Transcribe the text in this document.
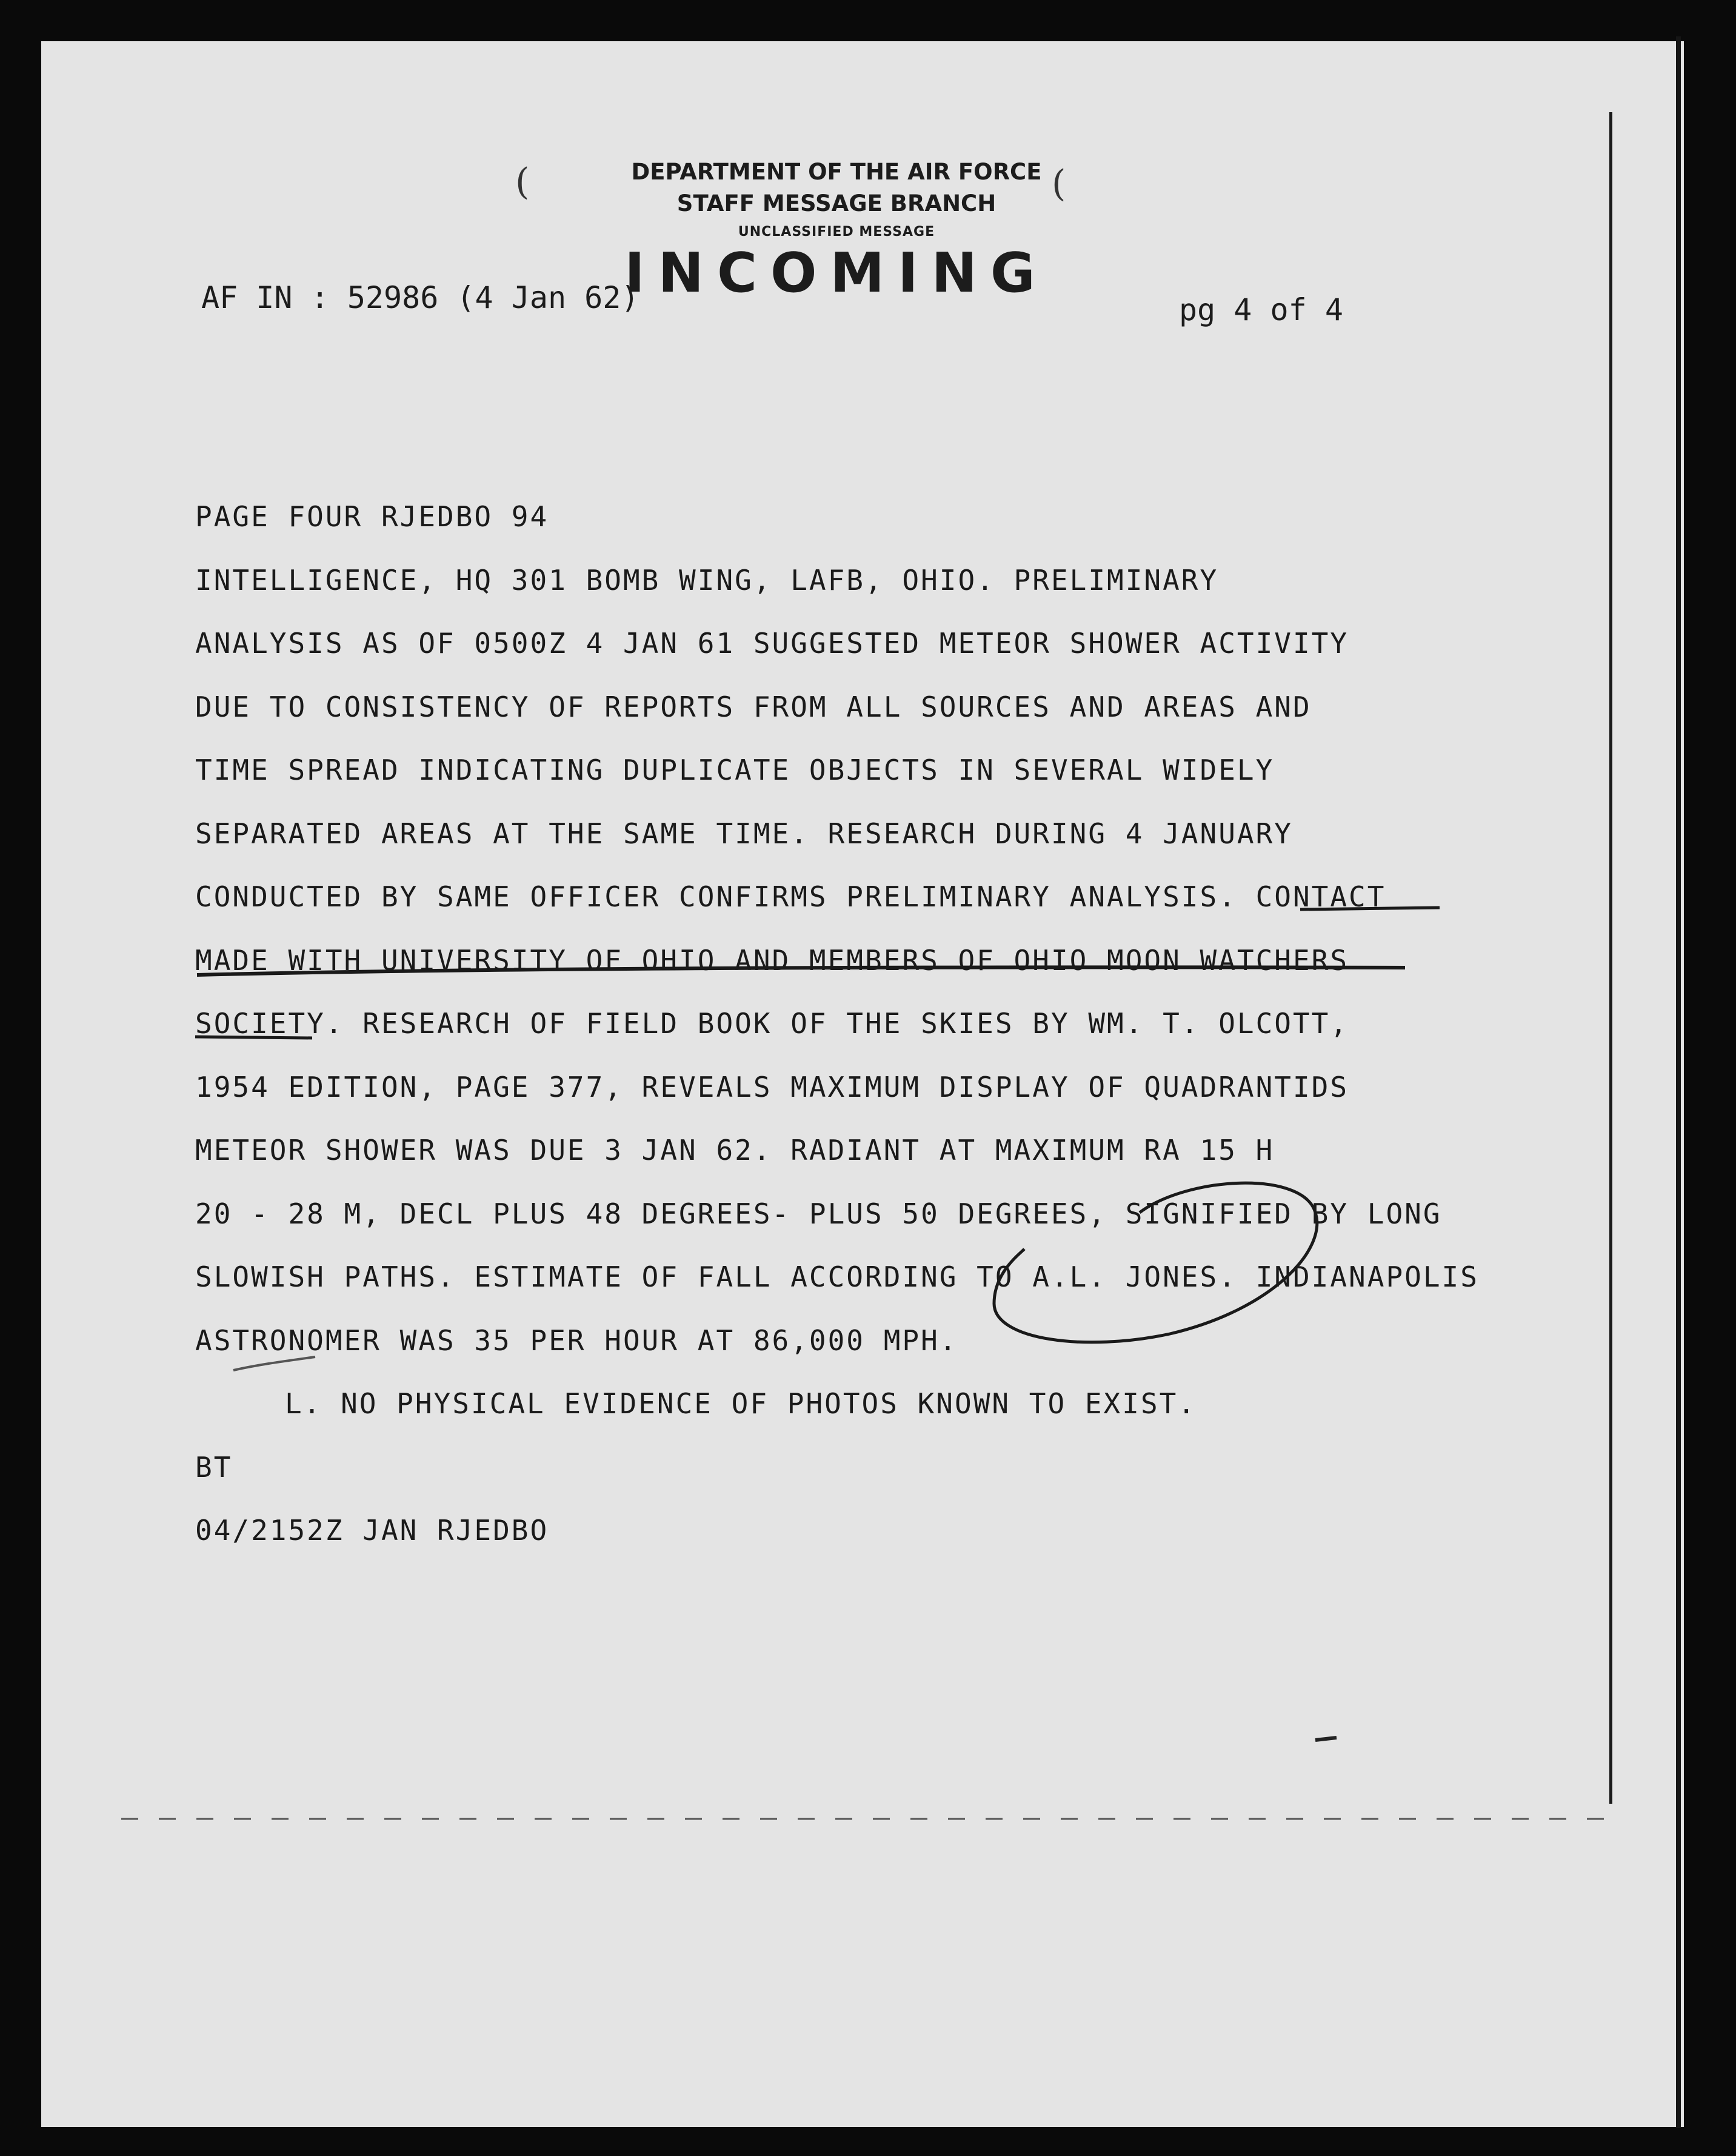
(	(
DEPARTMENT OF THE AIR FORCE
STAFF MESSAGE BRANCH
UNCLASSIFIED MESSAGE
INCOMING
AF IN : 52986 (4 Jan 62)	pg 4 of 4
PAGE FOUR RJEDBO 94
INTELLIGENCE, HQ 301 BOMB WING, LAFB, OHIO. PRELIMINARY
ANALYSIS AS OF 0500Z 4 JAN 61 SUGGESTED METEOR SHOWER ACTIVITY
DUE TO CONSISTENCY OF REPORTS FROM ALL SOURCES AND AREAS AND
TIME SPREAD INDICATING DUPLICATE OBJECTS IN SEVERAL WIDELY
SEPARATED AREAS AT THE SAME TIME. RESEARCH DURING 4 JANUARY
CONDUCTED BY SAME OFFICER CONFIRMS PRELIMINARY ANALYSIS. CONTACT
MADE WITH UNIVERSITY OF OHIO AND MEMBERS OF OHIO MOON WATCHERS
SOCIETY. RESEARCH OF FIELD BOOK OF THE SKIES BY WM. T. OLCOTT,
1954 EDITION, PAGE 377, REVEALS MAXIMUM DISPLAY OF QUADRANTIDS
METEOR SHOWER WAS DUE 3 JAN 62. RADIANT AT MAXIMUM RA 15 H
20 - 28 M, DECL PLUS 48 DEGREES- PLUS 50 DEGREES, SIGNIFIED BY LONG
SLOWISH PATHS. ESTIMATE OF FALL ACCORDING TO A.L. JONES. INDIANAPOLIS
ASTRONOMER WAS 35 PER HOUR AT 86,000 MPH.
L. NO PHYSICAL EVIDENCE OF PHOTOS KNOWN TO EXIST.
BT
04/2152Z JAN RJEDBO
